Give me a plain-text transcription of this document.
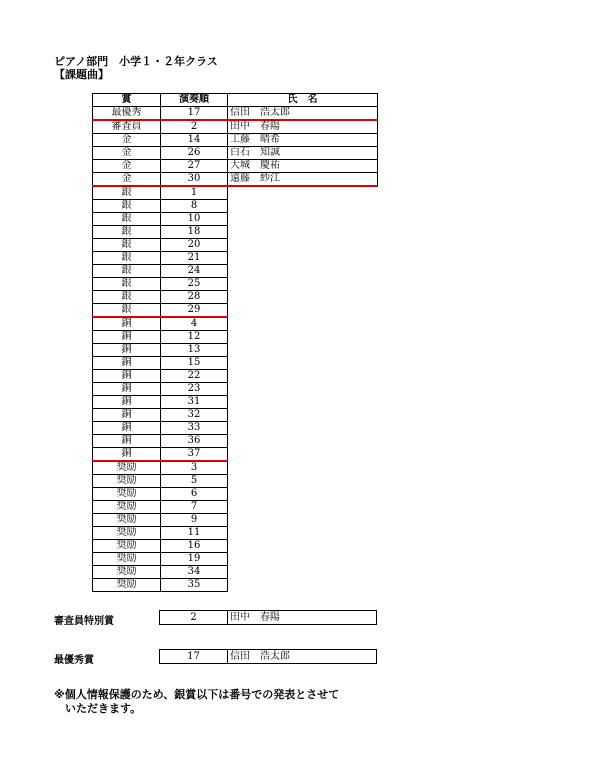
ピアノ部門　小学１・２年クラス
【課題曲】
賞	演奏順	氏　名
最優秀	17	信田　浩太郎
審査員	2	田中　春陽
金	14	工藤　晴希
金	26	白石　知誠
金	27	大城　慶祐
金	30	遠藤　紗江
銀	1	
銀	8	
銀	10	
銀	18	
銀	20	
銀	21	
銀	24	
銀	25	
銀	28	
銀	29	
銅	4	
銅	12	
銅	13	
銅	15	
銅	22	
銅	23	
銅	31	
銅	32	
銅	33	
銅	36	
銅	37	
奨励	3	
奨励	5	
奨励	6	
奨励	7	
奨励	9	
奨励	11	
奨励	16	
奨励	19	
奨励	34	
奨励	35	
審査員特別賞	2	田中　春陽
最優秀賞	17	信田　浩太郎
※個人情報保護のため、銀賞以下は番号での発表とさせて
　いただきます。
